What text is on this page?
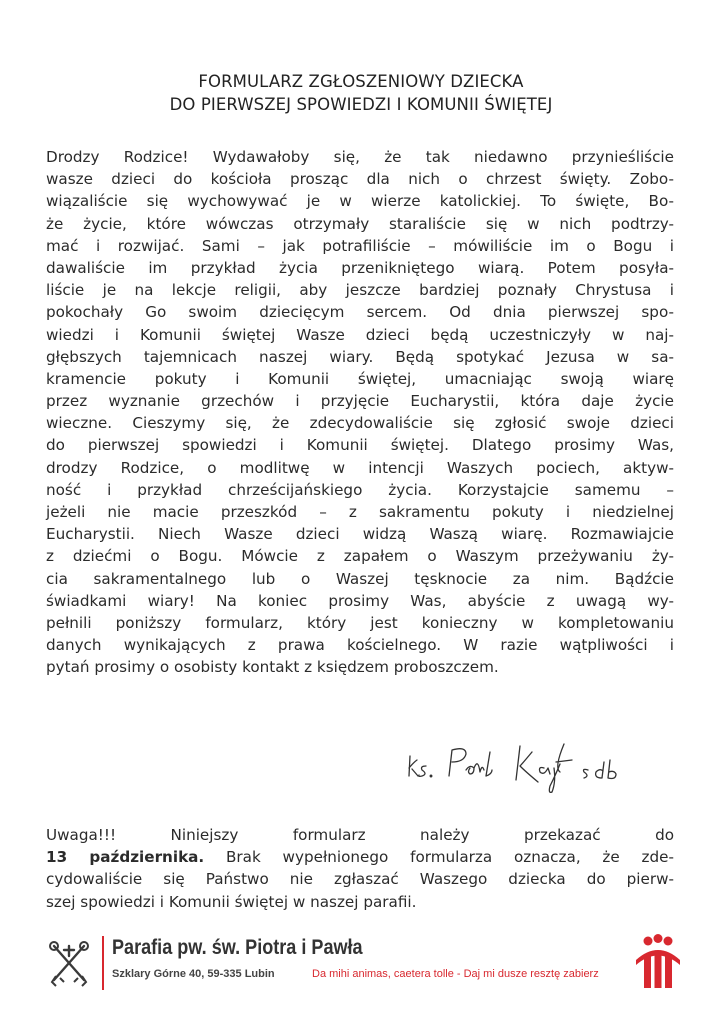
FORMULARZ ZGŁOSZENIOWY DZIECKA
DO PIERWSZEJ SPOWIEDZI I KOMUNII ŚWIĘTEJ
Drodzy Rodzice! Wydawałoby się, że tak niedawno przynieśliście
wasze dzieci do kościoła prosząc dla nich o chrzest święty. Zobo-
wiązaliście się wychowywać je w wierze katolickiej. To święte, Bo-
że życie, które wówczas otrzymały staraliście się w nich podtrzy-
mać i rozwijać. Sami – jak potrafiliście – mówiliście im o Bogu i
dawaliście im przykład życia przenikniętego wiarą. Potem posyła-
liście je na lekcje religii, aby jeszcze bardziej poznały Chrystusa i
pokochały Go swoim dziecięcym sercem. Od dnia pierwszej spo-
wiedzi i Komunii świętej Wasze dzieci będą uczestniczyły w naj-
głębszych tajemnicach naszej wiary. Będą spotykać Jezusa w sa-
kramencie pokuty i Komunii świętej, umacniając swoją wiarę
przez wyznanie grzechów i przyjęcie Eucharystii, która daje życie
wieczne. Cieszymy się, że zdecydowaliście się zgłosić swoje dzieci
do pierwszej spowiedzi i Komunii świętej. Dlatego prosimy Was,
drodzy Rodzice, o modlitwę w intencji Waszych pociech, aktyw-
ność i przykład chrześcijańskiego życia. Korzystajcie samemu –
jeżeli nie macie przeszkód – z sakramentu pokuty i niedzielnej
Eucharystii. Niech Wasze dzieci widzą Waszą wiarę. Rozmawiajcie
z dziećmi o Bogu. Mówcie z zapałem o Waszym przeżywaniu ży-
cia sakramentalnego lub o Waszej tęsknocie za nim. Bądźcie
świadkami wiary! Na koniec prosimy Was, abyście z uwagą wy-
pełnili poniższy formularz, który jest konieczny w kompletowaniu
danych wynikających z prawa kościelnego. W razie wątpliwości i
pytań prosimy o osobisty kontakt z księdzem proboszczem.
Uwaga!!! Niniejszy formularz należy przekazać do
13 października. Brak wypełnionego formularza oznacza, że zde-
cydowaliście się Państwo nie zgłaszać Waszego dziecka do pierw-
szej spowiedzi i Komunii świętej w naszej parafii.
Parafia pw. św. Piotra i Pawła
Szklary Górne 40, 59-335 Lubin	Da mihi animas, caetera tolle - Daj mi dusze resztę zabierz
